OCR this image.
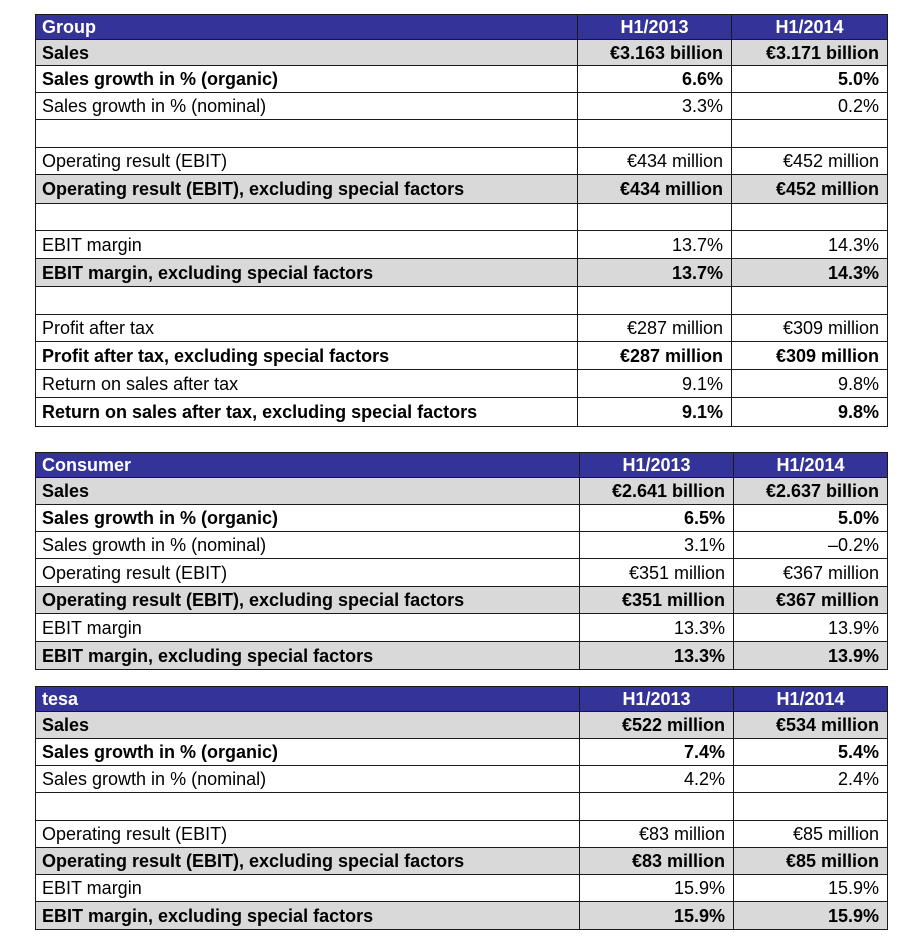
Group	H1/2013	H1/2014
Sales	€3.163 billion	€3.171 billion
Sales growth in % (organic)	6.6%	5.0%
Sales growth in % (nominal)	3.3%	0.2%

Operating result (EBIT)	€434 million	€452 million
Operating result (EBIT), excluding special factors	€434 million	€452 million

EBIT margin	13.7%	14.3%
EBIT margin, excluding special factors	13.7%	14.3%

Profit after tax	€287 million	€309 million
Profit after tax, excluding special factors	€287 million	€309 million
Return on sales after tax	9.1%	9.8%
Return on sales after tax, excluding special factors	9.1%	9.8%
Consumer	H1/2013	H1/2014
Sales	€2.641 billion	€2.637 billion
Sales growth in % (organic)	6.5%	5.0%
Sales growth in % (nominal)	3.1%	–0.2%
Operating result (EBIT)	€351 million	€367 million
Operating result (EBIT), excluding special factors	€351 million	€367 million
EBIT margin	13.3%	13.9%
EBIT margin, excluding special factors	13.3%	13.9%
tesa	H1/2013	H1/2014
Sales	€522 million	€534 million
Sales growth in % (organic)	7.4%	5.4%
Sales growth in % (nominal)	4.2%	2.4%

Operating result (EBIT)	€83 million	€85 million
Operating result (EBIT), excluding special factors	€83 million	€85 million
EBIT margin	15.9%	15.9%
EBIT margin, excluding special factors	15.9%	15.9%
